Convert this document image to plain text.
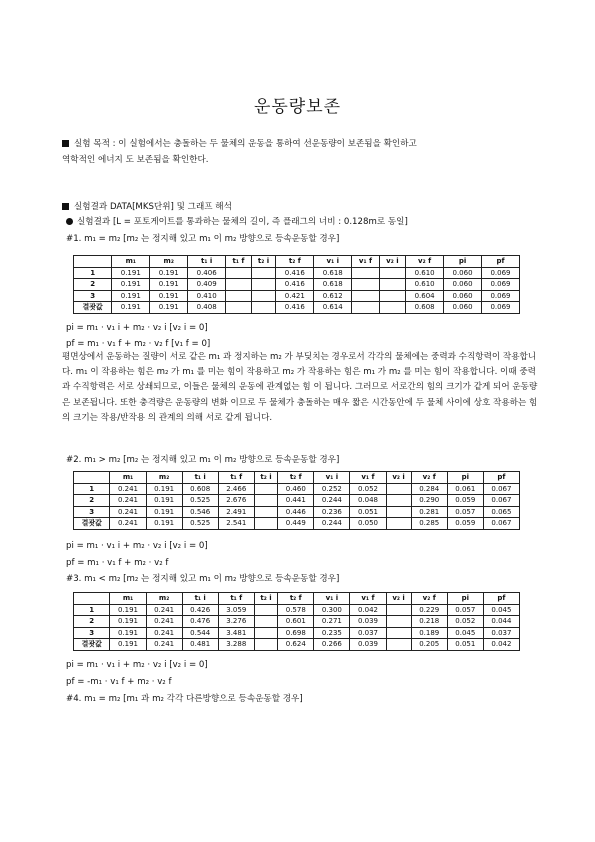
운동량보존
실험 목적 : 이 실험에서는 충돌하는 두 물체의 운동을 통하여 선운동량이 보존됨을 확인하고
역학적인 에너지 도 보존됨을 확인한다.
실험결과 DATA[MKS단위] 및 그래프 해석
실험결과 [L = 포토게이트를 통과하는 물체의 길이, 즉 플래그의 너비 : 0.128m로 동일]
#1. m₁ = m₂ [m₂ 는 정지해 있고 m₁ 이 m₂ 방향으로 등속운동할 경우]
	m₁	m₂	t₁ i	t₁ f	t₂ i	t₂ f	v₁ i	v₁ f	v₂ i	v₂ f	pi	pf
1	0.191	0.191	0.406			0.416	0.618			0.610	0.060	0.069
2	0.191	0.191	0.409			0.416	0.618			0.610	0.060	0.069
3	0.191	0.191	0.410			0.421	0.612			0.604	0.060	0.069
결괏값	0.191	0.191	0.408			0.416	0.614			0.608	0.060	0.069
pi = m₁ · v₁ i + m₂ · v₂ i [v₂ i = 0]
pf = m₁ · v₁ f + m₂ · v₂ f [v₁ f = 0]
평면상에서 운동하는 질량이 서로 같은 m₁ 과 정지하는 m₂ 가 부딪치는 경우로서 각각의 물체에는 중력과 수직항력이 작용합니다. m₁ 이 작용하는 힘은 m₂ 가 m₁ 를 미는 힘이 작용하고 m₂ 가 작용하는 힘은 m₁ 가 m₂ 를 미는 힘이 작용합니다. 이때 중력과 수직항력은 서로 상쇄되므로, 이들은 물체의 운동에 관계없는 힘 이 됩니다. 그러므로 서로간의 힘의 크기가 같게 되어 운동량은 보존됩니다. 또한 충격량은 운동량의 변화 이므로 두 물체가 충돌하는 매우 짧은 시간동안에 두 물체 사이에 상호 작용하는 힘의 크기는 작용/반작용 의 관계의 의해 서로 같게 됩니다.
#2. m₁ > m₂ [m₂ 는 정지해 있고 m₁ 이 m₂ 방향으로 등속운동할 경우]
	m₁	m₂	t₁ i	t₁ f	t₂ i	t₂ f	v₁ i	v₁ f	v₂ i	v₂ f	pi	pf
1	0.241	0.191	0.608	2.466		0.460	0.252	0.052		0.284	0.061	0.067
2	0.241	0.191	0.525	2.676		0.441	0.244	0.048		0.290	0.059	0.067
3	0.241	0.191	0.546	2.491		0.446	0.236	0.051		0.281	0.057	0.065
결괏값	0.241	0.191	0.525	2.541		0.449	0.244	0.050		0.285	0.059	0.067
pi = m₁ · v₁ i + m₂ · v₂ i [v₂ i = 0]
pf = m₁ · v₁ f + m₂ · v₂ f
#3. m₁ < m₂ [m₂ 는 정지해 있고 m₁ 이 m₂ 방향으로 등속운동할 경우]
	m₁	m₂	t₁ i	t₁ f	t₂ i	t₂ f	v₁ i	v₁ f	v₂ i	v₂ f	pi	pf
1	0.191	0.241	0.426	3.059		0.578	0.300	0.042		0.229	0.057	0.045
2	0.191	0.241	0.476	3.276		0.601	0.271	0.039		0.218	0.052	0.044
3	0.191	0.241	0.544	3.481		0.698	0.235	0.037		0.189	0.045	0.037
결괏값	0.191	0.241	0.481	3.288		0.624	0.266	0.039		0.205	0.051	0.042
pi = m₁ · v₁ i + m₂ · v₂ i [v₂ i = 0]
pf = -m₁ · v₁ f + m₂ · v₂ f
#4. m₁ = m₂ [m₁ 과 m₂ 각각 다른방향으로 등속운동할 경우]
